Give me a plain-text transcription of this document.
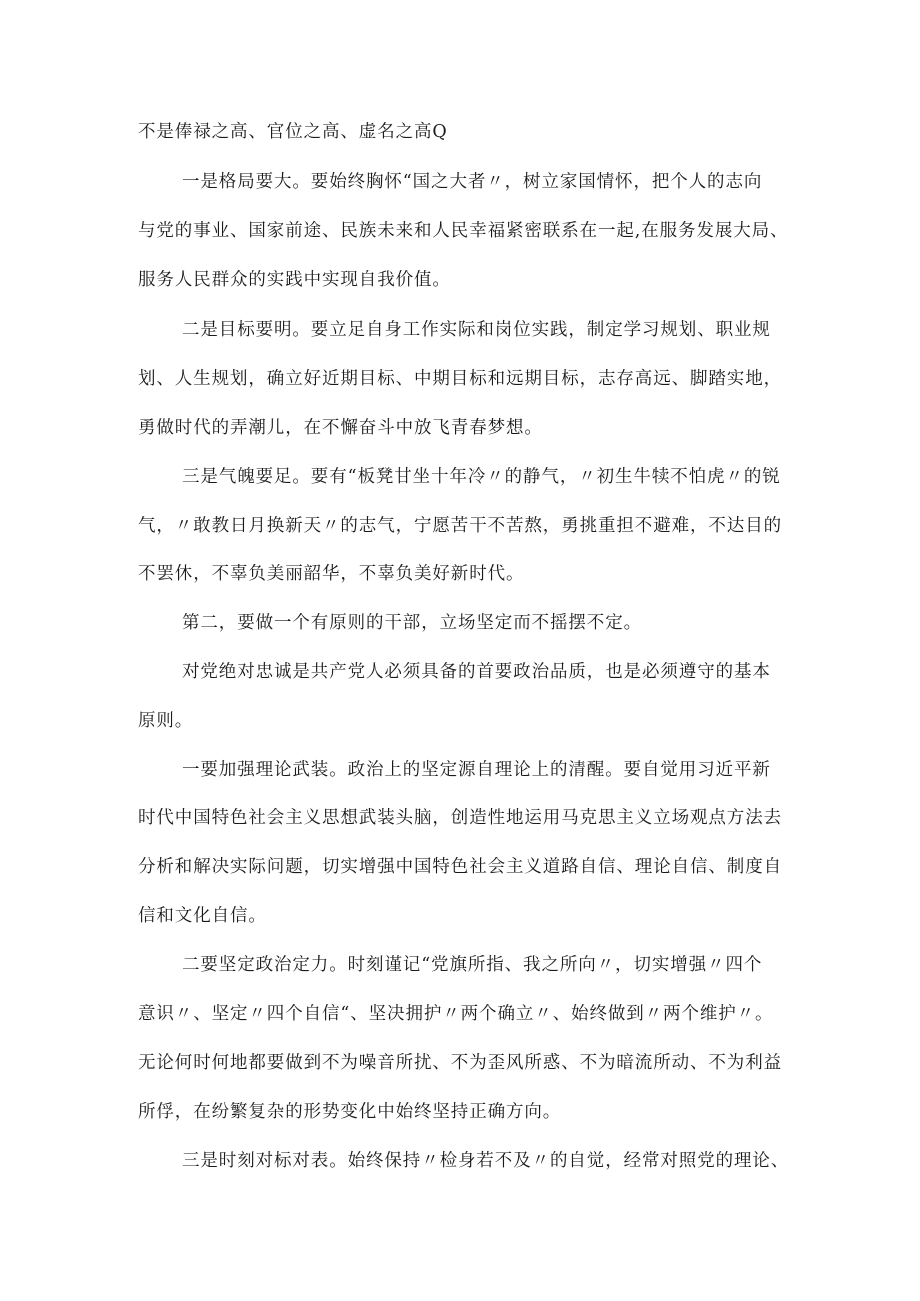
不是俸禄之高、官位之高、虚名之高Q

一是格局要大。要始终胸怀“国之大者〃，树立家国情怀，把个人的志向

与党的事业、国家前途、民族未来和人民幸福紧密联系在一起,在服务发展大局、

服务人民群众的实践中实现自我价值。

二是目标要明。要立足自身工作实际和岗位实践，制定学习规划、职业规

划、人生规划，确立好近期目标、中期目标和远期目标，志存高远、脚踏实地，

勇做时代的弄潮儿，在不懈奋斗中放飞青春梦想。

三是气魄要足。要有“板凳甘坐十年冷〃的静气，〃初生牛犊不怕虎〃的锐

气，〃敢教日月换新天〃的志气，宁愿苦干不苦熬，勇挑重担不避难，不达目的

不罢休，不辜负美丽韶华，不辜负美好新时代。

第二，要做一个有原则的干部，立场坚定而不摇摆不定。

对党绝对忠诚是共产党人必须具备的首要政治品质，也是必须遵守的基本

原则。

一要加强理论武装。政治上的坚定源自理论上的清醒。要自觉用习近平新

时代中国特色社会主义思想武装头脑，创造性地运用马克思主义立场观点方法去

分析和解决实际问题，切实增强中国特色社会主义道路自信、理论自信、制度自

信和文化自信。

二要坚定政治定力。时刻谨记“党旗所指、我之所向〃，切实增强〃四个

意识〃、坚定〃四个自信“、坚决拥护〃两个确立〃、始终做到〃两个维护〃。

无论何时何地都要做到不为噪音所扰、不为歪风所惑、不为暗流所动、不为利益

所俘，在纷繁复杂的形势变化中始终坚持正确方向。

三是时刻对标对表。始终保持〃检身若不及〃的自觉，经常对照党的理论、
